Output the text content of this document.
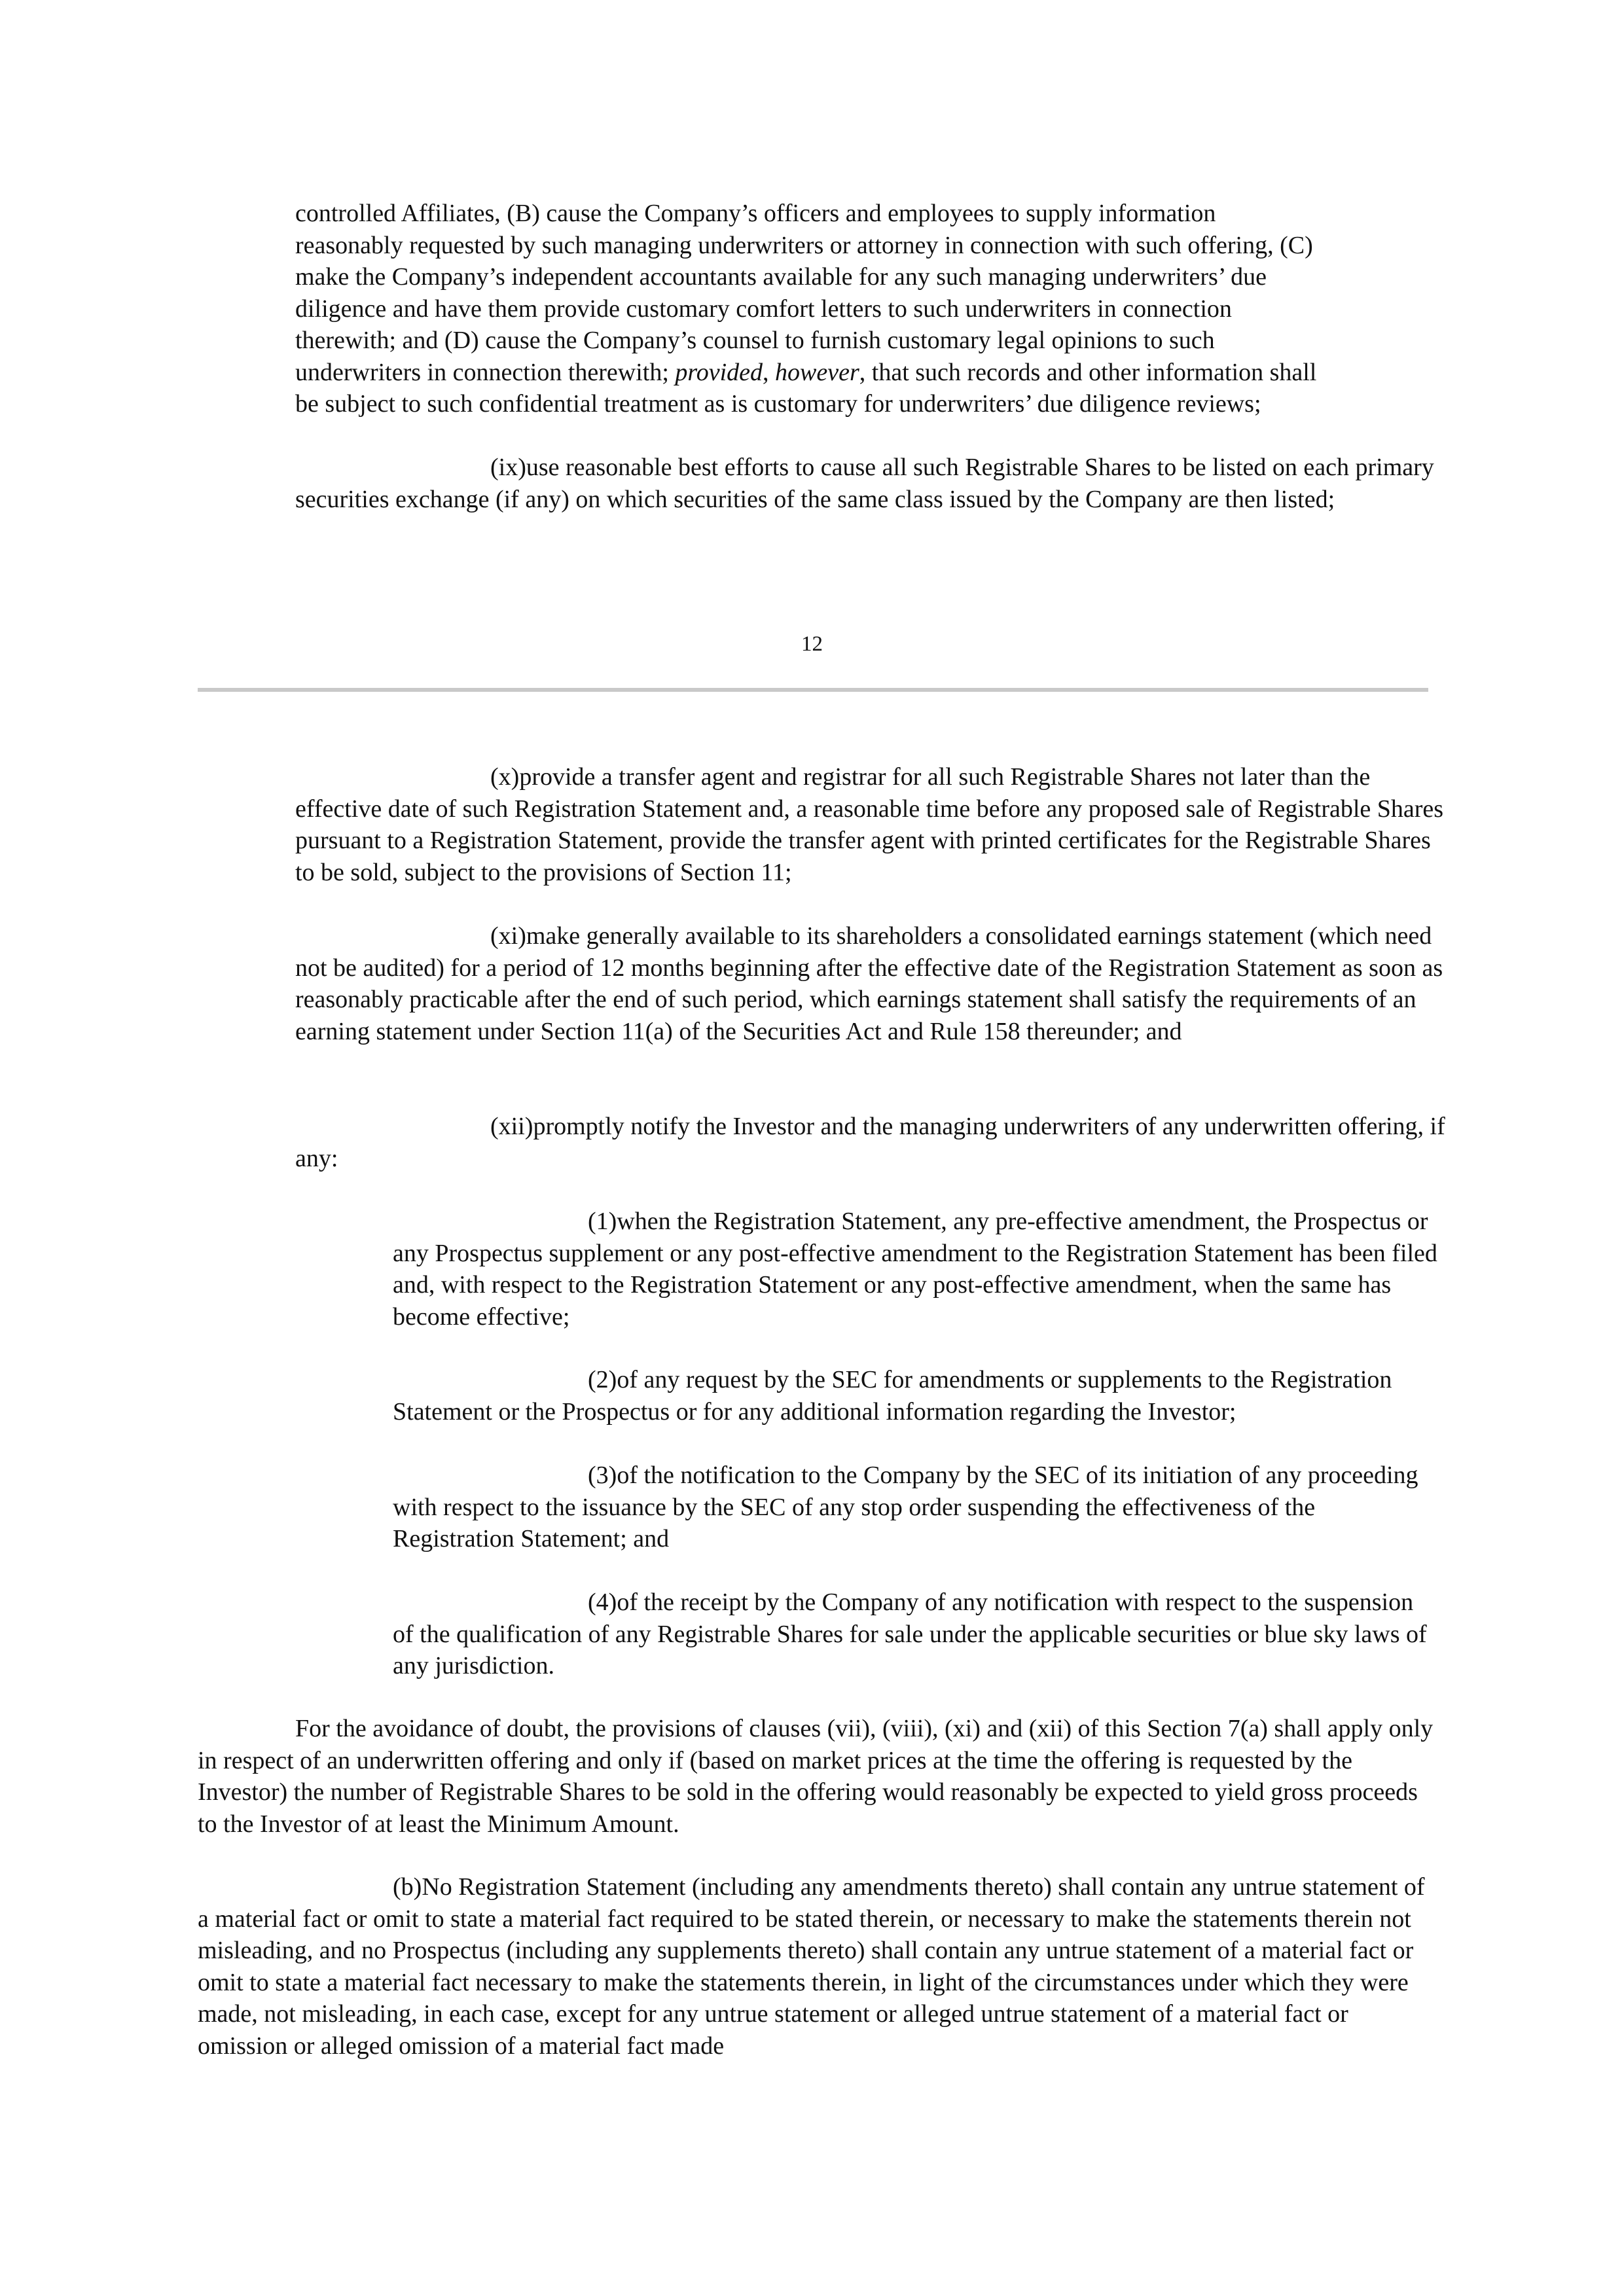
controlled Affiliates, (B) cause the Company’s officers and employees to supply information
reasonably requested by such managing underwriters or attorney in connection with such offering, (C)
make the Company’s independent accountants available for any such managing underwriters’ due
diligence and have them provide customary comfort letters to such underwriters in connection
therewith; and (D) cause the Company’s counsel to furnish customary legal opinions to such
underwriters in connection therewith; provided, however, that such records and other information shall
be subject to such confidential treatment as is customary for underwriters’ due diligence reviews;
(ix)use reasonable best efforts to cause all such Registrable Shares to be listed on each primary securities exchange (if any) on which securities of the same class issued by the Company are then listed;
12
(x)provide a transfer agent and registrar for all such Registrable Shares not later than the effective date of such Registration Statement and, a reasonable time before any proposed sale of Registrable Shares pursuant to a Registration Statement, provide the transfer agent with printed certificates for the Registrable Shares to be sold, subject to the provisions of Section 11;
(xi)make generally available to its shareholders a consolidated earnings statement (which need not be audited) for a period of 12 months beginning after the effective date of the Registration Statement as soon as reasonably practicable after the end of such period, which earnings statement shall satisfy the requirements of an earning statement under Section 11(a) of the Securities Act and Rule 158 thereunder; and
(xii)promptly notify the Investor and the managing underwriters of any underwritten offering, if any:
(1)when the Registration Statement, any pre-effective amendment, the Prospectus or any Prospectus supplement or any post-effective amendment to the Registration Statement has been filed and, with respect to the Registration Statement or any post-effective amendment, when the same has become effective;
(2)of any request by the SEC for amendments or supplements to the Registration Statement or the Prospectus or for any additional information regarding the Investor;
(3)of the notification to the Company by the SEC of its initiation of any proceeding with respect to the issuance by the SEC of any stop order suspending the effectiveness of the Registration Statement; and
(4)of the receipt by the Company of any notification with respect to the suspension of the qualification of any Registrable Shares for sale under the applicable securities or blue sky laws of any jurisdiction.
For the avoidance of doubt, the provisions of clauses (vii), (viii), (xi) and (xii) of this Section 7(a) shall apply only in respect of an underwritten offering and only if (based on market prices at the time the offering is requested by the Investor) the number of Registrable Shares to be sold in the offering would reasonably be expected to yield gross proceeds to the Investor of at least the Minimum Amount.
(b)No Registration Statement (including any amendments thereto) shall contain any untrue statement of a material fact or omit to state a material fact required to be stated therein, or necessary to make the statements therein not misleading, and no Prospectus (including any supplements thereto) shall contain any untrue statement of a material fact or omit to state a material fact necessary to make the statements therein, in light of the circumstances under which they were made, not misleading, in each case, except for any untrue statement or alleged untrue statement of a material fact or omission or alleged omission of a material fact made
